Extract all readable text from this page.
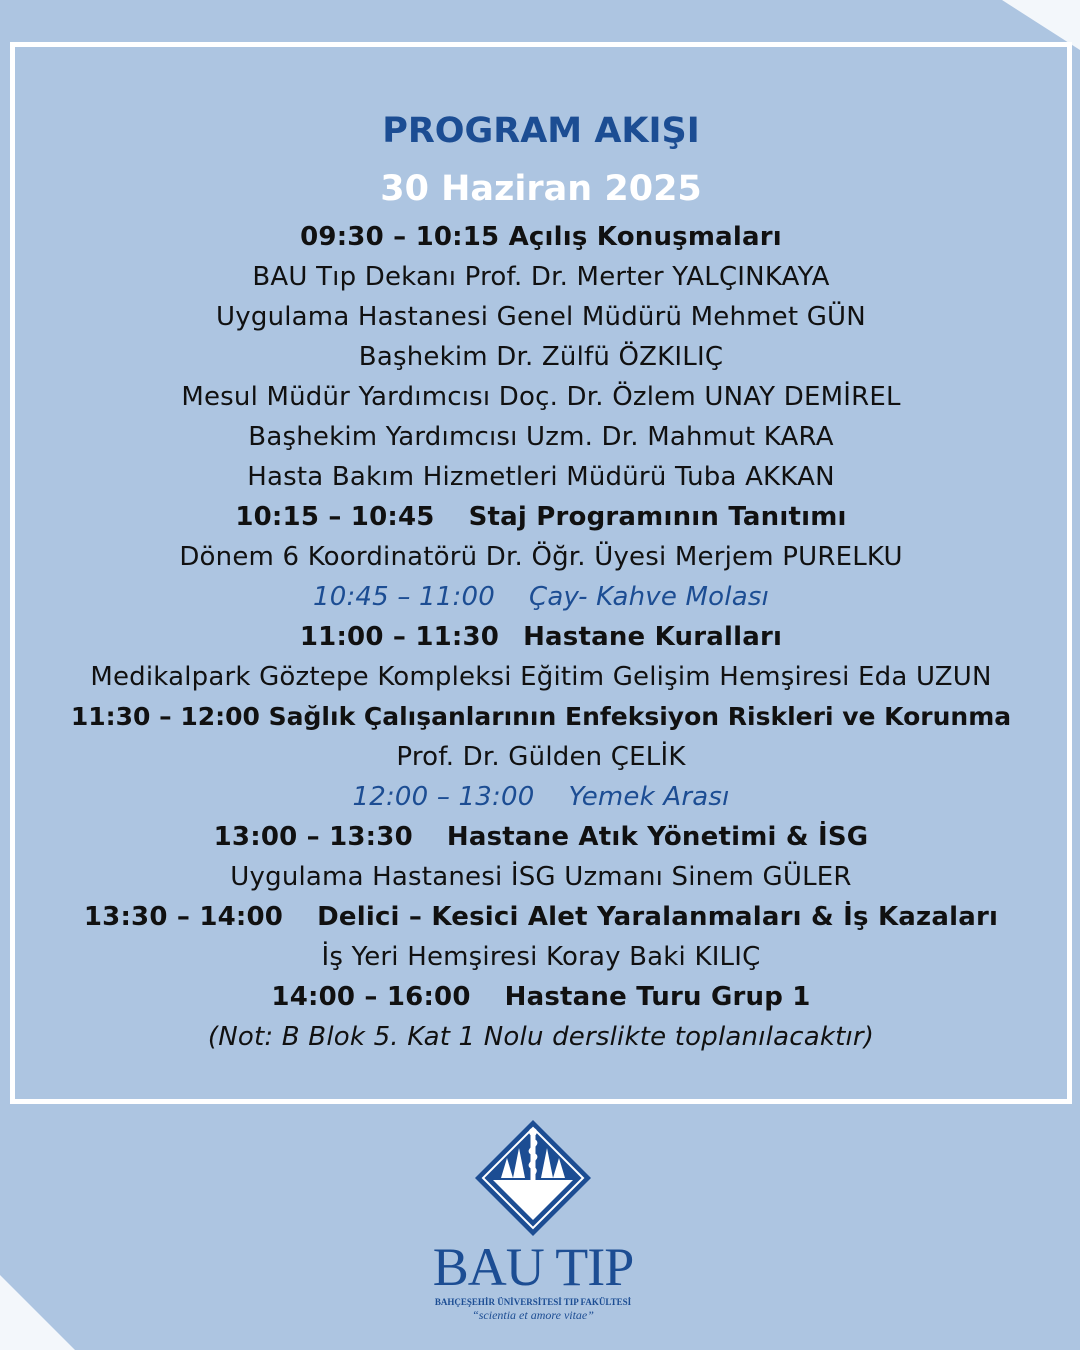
PROGRAM AKIŞI
30 Haziran 2025
09:30 – 10:15 Açılış Konuşmaları
BAU Tıp Dekanı Prof. Dr. Merter YALÇINKAYA
Uygulama Hastanesi Genel Müdürü Mehmet GÜN
Başhekim Dr. Zülfü ÖZKILIÇ
Mesul Müdür Yardımcısı Doç. Dr. Özlem UNAY DEMİREL
Başhekim Yardımcısı Uzm. Dr. Mahmut KARA
Hasta Bakım Hizmetleri Müdürü Tuba AKKAN
10:15 – 10:45 Staj Programının Tanıtımı
Dönem 6 Koordinatörü Dr. Öğr. Üyesi Merjem PURELKU
10:45 – 11:00 Çay- Kahve Molası
11:00 – 11:30 Hastane Kuralları
Medikalpark Göztepe Kompleksi Eğitim Gelişim Hemşiresi Eda UZUN
11:30 – 12:00 Sağlık Çalışanlarının Enfeksiyon Riskleri ve Korunma
Prof. Dr. Gülden ÇELİK
12:00 – 13:00 Yemek Arası
13:00 – 13:30 Hastane Atık Yönetimi & İSG
Uygulama Hastanesi İSG Uzmanı Sinem GÜLER
13:30 – 14:00 Delici – Kesici Alet Yaralanmaları & İş Kazaları
İş Yeri Hemşiresi Koray Baki KILIÇ
14:00 – 16:00 Hastane Turu Grup 1
(Not: B Blok 5. Kat 1 Nolu derslikte toplanılacaktır)
BAU TIP
BAHÇEŞEHİR ÜNİVERSİTESİ TIP FAKÜLTESİ
“scientia et amore vitae”
